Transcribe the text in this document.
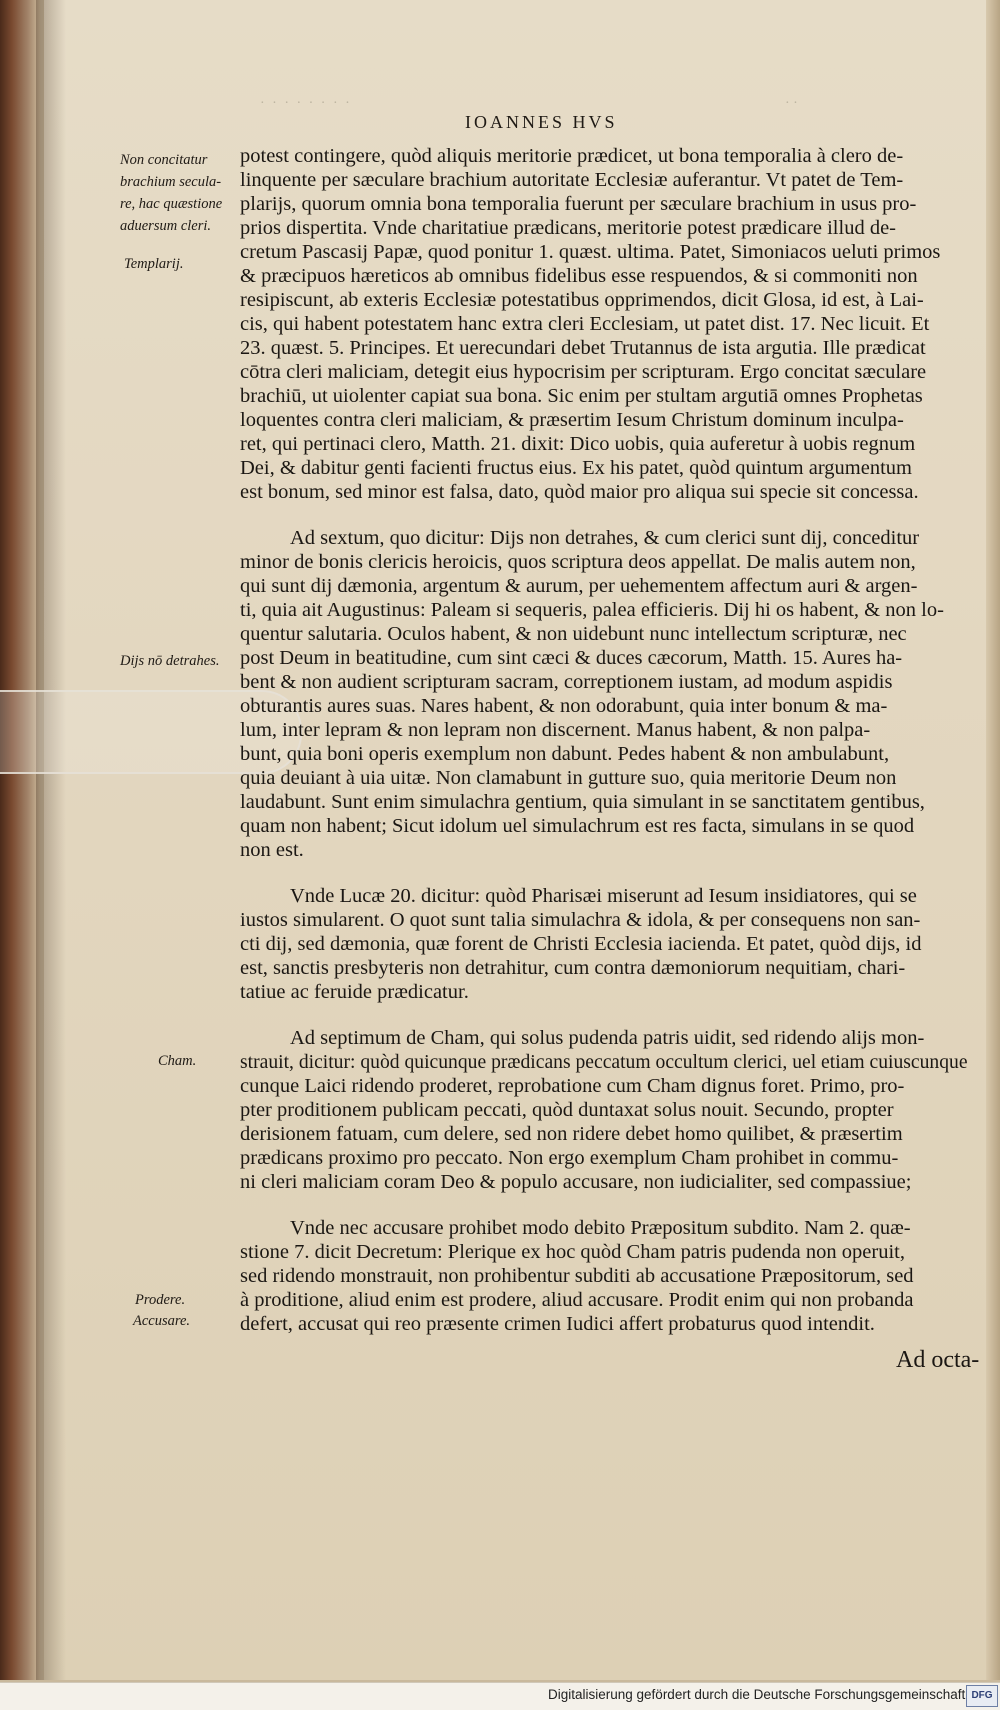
· · · · · · · ·	· ·
IOANNES HVS
Non concitatur
brachium secula-
re, hac quæstione
aduersum cleri.
Templarij.
Dijs nō detrahes.
Cham.
Prodere.
Accusare.
potest contingere, quòd aliquis meritorie prædicet, ut bona temporalia à clero de-
linquente per sæculare brachium autoritate Ecclesiæ auferantur. Vt patet de Tem-
plarijs, quorum omnia bona temporalia fuerunt per sæculare brachium in usus pro-
prios dispertita. Vnde charitatiue prædicans, meritorie potest prædicare illud de-
cretum Pascasij Papæ, quod ponitur 1. quæst. ultima. Patet, Simoniacos ueluti primos
& præcipuos hæreticos ab omnibus fidelibus esse respuendos, & si commoniti non
resipiscunt, ab exteris Ecclesiæ potestatibus opprimendos, dicit Glosa, id est, à Lai-
cis, qui habent potestatem hanc extra cleri Ecclesiam, ut patet dist. 17. Nec licuit. Et
23. quæst. 5. Principes. Et uerecundari debet Trutannus de ista argutia. Ille prædicat
cōtra cleri maliciam, detegit eius hypocrisim per scripturam. Ergo concitat sæculare
brachiū, ut uiolenter capiat sua bona. Sic enim per stultam argutiā omnes Prophetas
loquentes contra cleri maliciam, & præsertim Iesum Christum dominum inculpa-
ret, qui pertinaci clero, Matth. 21. dixit: Dico uobis, quia auferetur à uobis regnum
Dei, & dabitur genti facienti fructus eius. Ex his patet, quòd quintum argumentum
est bonum, sed minor est falsa, dato, quòd maior pro aliqua sui specie sit concessa.
Ad sextum, quo dicitur: Dijs non detrahes, & cum clerici sunt dij, conceditur
minor de bonis clericis heroicis, quos scriptura deos appellat. De malis autem non,
qui sunt dij dæmonia, argentum & aurum, per uehementem affectum auri & argen-
ti, quia ait Augustinus: Paleam si sequeris, palea efficieris. Dij hi os habent, & non lo-
quentur salutaria. Oculos habent, & non uidebunt nunc intellectum scripturæ, nec
post Deum in beatitudine, cum sint cæci & duces cæcorum, Matth. 15. Aures ha-
bent & non audient scripturam sacram, correptionem iustam, ad modum aspidis
obturantis aures suas. Nares habent, & non odorabunt, quia inter bonum & ma-
lum, inter lepram & non lepram non discernent. Manus habent, & non palpa-
bunt, quia boni operis exemplum non dabunt. Pedes habent & non ambulabunt,
quia deuiant à uia uitæ. Non clamabunt in gutture suo, quia meritorie Deum non
laudabunt. Sunt enim simulachra gentium, quia simulant in se sanctitatem gentibus,
quam non habent; Sicut idolum uel simulachrum est res facta, simulans in se quod
non est.
Vnde Lucæ 20. dicitur: quòd Pharisæi miserunt ad Iesum insidiatores, qui se
iustos simularent. O quot sunt talia simulachra & idola, & per consequens non san-
cti dij, sed dæmonia, quæ forent de Christi Ecclesia iacienda. Et patet, quòd dijs, id
est, sanctis presbyteris non detrahitur, cum contra dæmoniorum nequitiam, chari-
tatiue ac feruide prædicatur.
Ad septimum de Cham, qui solus pudenda patris uidit, sed ridendo alijs mon-
strauit, dicitur: quòd quicunque prædicans peccatum occultum clerici, uel etiam cuiuscunque
cunque Laici ridendo proderet, reprobatione cum Cham dignus foret. Primo, pro-
pter proditionem publicam peccati, quòd duntaxat solus nouit. Secundo, propter
derisionem fatuam, cum delere, sed non ridere debet homo quilibet, & præsertim
prædicans proximo pro peccato. Non ergo exemplum Cham prohibet in commu-
ni cleri maliciam coram Deo & populo accusare, non iudicialiter, sed compassiue;
Vnde nec accusare prohibet modo debito Præpositum subdito. Nam 2. quæ-
stione 7. dicit Decretum: Plerique ex hoc quòd Cham patris pudenda non operuit,
sed ridendo monstrauit, non prohibentur subditi ab accusatione Præpositorum, sed
à proditione, aliud enim est prodere, aliud accusare. Prodit enim qui non probanda
defert, accusat qui reo præsente crimen Iudici affert probaturus quod intendit.
Ad octa-
Digitalisierung gefördert durch die Deutsche Forschungsgemeinschaft DFG
